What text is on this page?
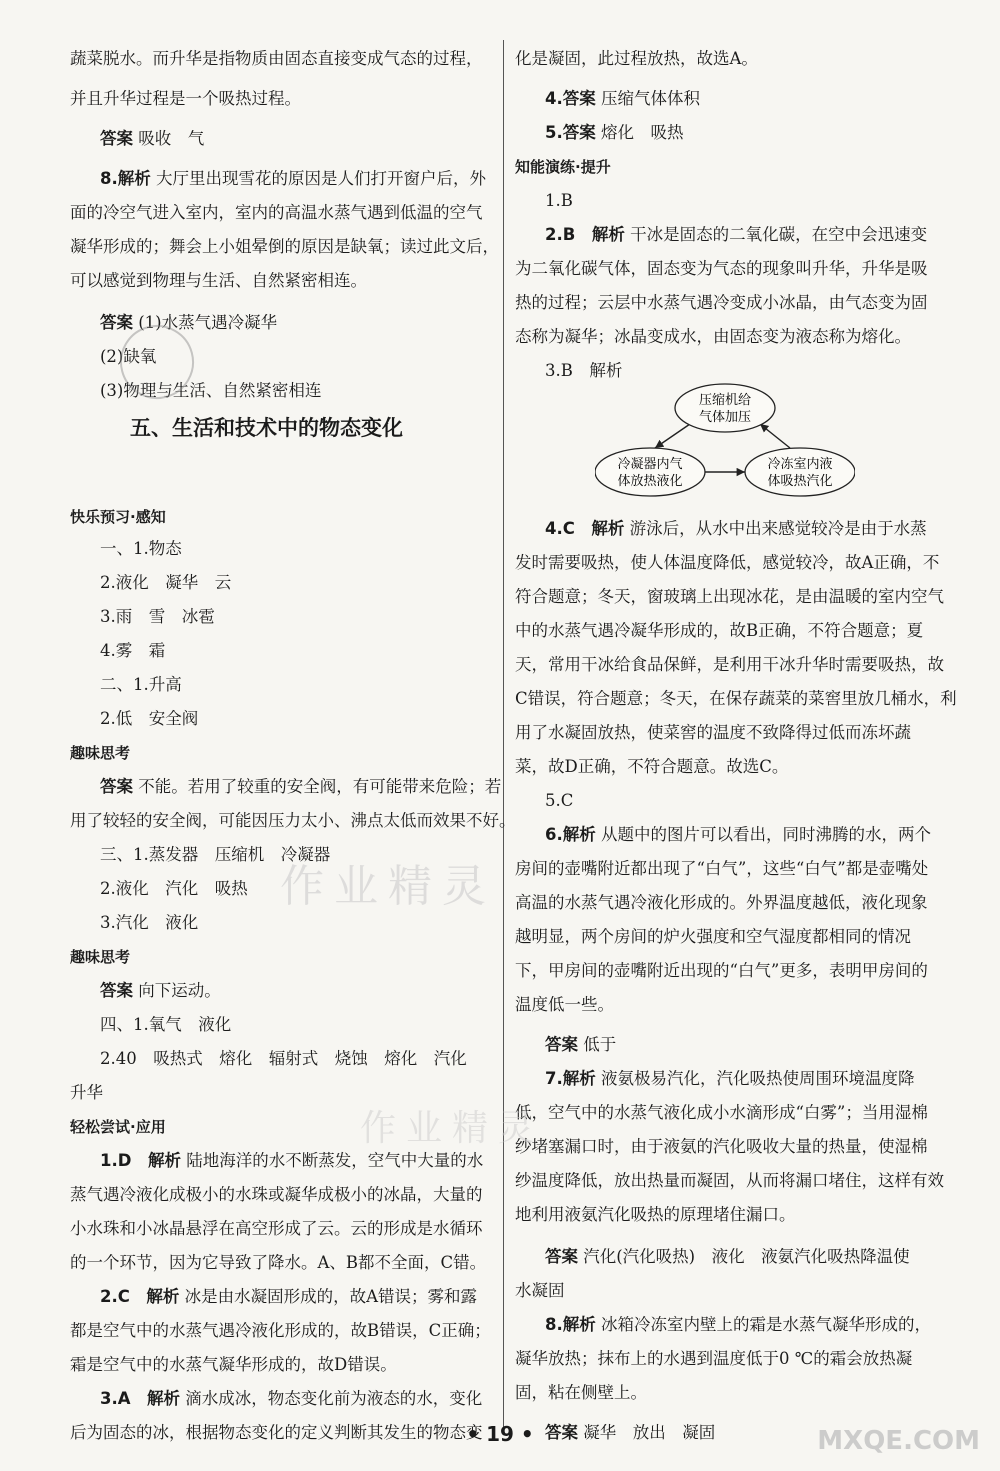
蔬菜脱水。而升华是指物质由固态直接变成气态的过程，
并且升华过程是一个吸热过程。
答案 吸收　气
8.解析 大厅里出现雪花的原因是人们打开窗户后，外
面的冷空气进入室内，室内的高温水蒸气遇到低温的空气
凝华形成的；舞会上小姐晕倒的原因是缺氧；读过此文后，
可以感觉到物理与生活、自然紧密相连。
答案 (1)水蒸气遇冷凝华
(2)缺氧
(3)物理与生活、自然紧密相连
五、生活和技术中的物态变化
快乐预习·感知
一、1.物态
2.液化　凝华　云
3.雨　雪　冰雹
4.雾　霜
二、1.升高
2.低　安全阀
趣味思考
答案 不能。若用了较重的安全阀，有可能带来危险；若
用了较轻的安全阀，可能因压力太小、沸点太低而效果不好。
三、1.蒸发器　压缩机　冷凝器
2.液化　汽化　吸热
3.汽化　液化
趣味思考
答案 向下运动。
四、1.氧气　液化
2.40　吸热式　熔化　辐射式　烧蚀　熔化　汽化
升华
轻松尝试·应用
1.D　解析 陆地海洋的水不断蒸发，空气中大量的水
蒸气遇冷液化成极小的水珠或凝华成极小的冰晶，大量的
小水珠和小冰晶悬浮在高空形成了云。云的形成是水循环
的一个环节，因为它导致了降水。A、B都不全面，C错。
2.C　解析 冰是由水凝固形成的，故A错误；雾和露
都是空气中的水蒸气遇冷液化形成的，故B错误，C正确；
霜是空气中的水蒸气凝华形成的，故D错误。
3.A　解析 滴水成冰，物态变化前为液态的水，变化
后为固态的冰，根据物态变化的定义判断其发生的物态变
化是凝固，此过程放热，故选A。
4.答案 压缩气体体积
5.答案 熔化　吸热
知能演练·提升
1.B
2.B　解析 干冰是固态的二氧化碳，在空中会迅速变
为二氧化碳气体，固态变为气态的现象叫升华，升华是吸
热的过程；云层中水蒸气遇冷变成小冰晶，由气态变为固
态称为凝华；冰晶变成水，由固态变为液态称为熔化。
3.B　解析
压缩机给
气体加压
冷凝器内气
体放热液化
冷冻室内液
体吸热汽化
4.C　解析 游泳后，从水中出来感觉较冷是由于水蒸
发时需要吸热，使人体温度降低，感觉较冷，故A正确，不
符合题意；冬天，窗玻璃上出现冰花，是由温暖的室内空气
中的水蒸气遇冷凝华形成的，故B正确，不符合题意；夏
天，常用干冰给食品保鲜，是利用干冰升华时需要吸热，故
C错误，符合题意；冬天，在保存蔬菜的菜窖里放几桶水，利
用了水凝固放热，使菜窖的温度不致降得过低而冻坏蔬
菜，故D正确，不符合题意。故选C。
5.C
6.解析 从题中的图片可以看出，同时沸腾的水，两个
房间的壶嘴附近都出现了“白气”，这些“白气”都是壶嘴处
高温的水蒸气遇冷液化形成的。外界温度越低，液化现象
越明显，两个房间的炉火强度和空气湿度都相同的情况
下，甲房间的壶嘴附近出现的“白气”更多，表明甲房间的
温度低一些。
答案 低于
7.解析 液氨极易汽化，汽化吸热使周围环境温度降
低，空气中的水蒸气液化成小水滴形成“白雾”；当用湿棉
纱堵塞漏口时，由于液氨的汽化吸收大量的热量，使湿棉
纱温度降低，放出热量而凝固，从而将漏口堵住，这样有效
地利用液氨汽化吸热的原理堵住漏口。
答案 汽化(汽化吸热)　液化　液氨汽化吸热降温使
水凝固
8.解析 冰箱冷冻室内壁上的霜是水蒸气凝华形成的，
凝华放热；抹布上的水遇到温度低于0 ℃的霜会放热凝
固，粘在侧壁上。
答案 凝华　放出　凝固
作业精灵
作业精灵
• 19 •	MXQE.COM
